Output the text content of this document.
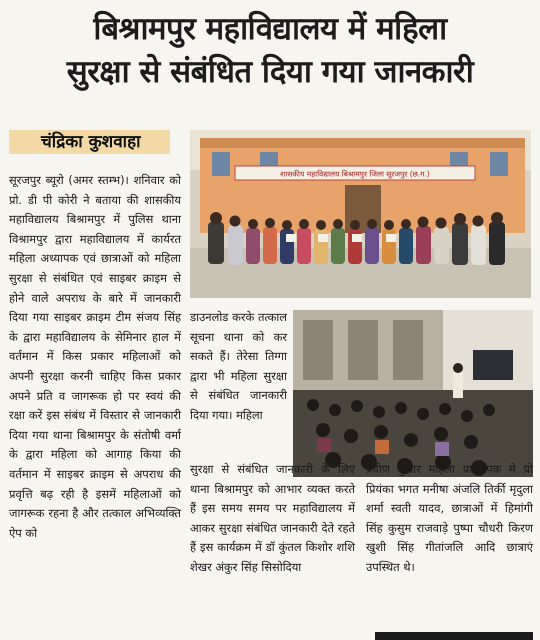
बिश्रामपुर महाविद्यालय में महिला
सुरक्षा से संबंधित दिया गया जानकारी
चंद्रिका कुशवाहा

सूरजपुर ब्यूरो (अमर स्तम्भ)। शनिवार को प्रो. डी पी कोरी ने बताया की शासकीय महाविद्यालय बिश्रामपुर में पुलिस थाना विश्रामपुर द्वारा महाविद्यालय में कार्यरत महिला अध्यापक एवं छात्राओं को महिला सुरक्षा से संबंधित एवं साइबर क्राइम से होने वाले अपराध के बारे में जानकारी दिया गया साइबर क्राइम टीम संजय सिंह के द्वारा महाविद्यालय के सेमिनार हाल में वर्तमान में किस प्रकार महिलाओं को अपनी सुरक्षा करनी चाहिए किस प्रकार अपने प्रति व जागरूक हो पर स्वयं की रक्षा करें इस संबंध में विस्तार से जानकारी दिया गया थाना बिश्रामपुर के संतोषी वर्मा के द्वारा महिला को आगाह किया की वर्तमान में साइबर क्राइम से अपराध की प्रवृत्ति बढ़ रही है इसमें महिलाओं को जागरूक रहना है और तत्काल अभिव्यक्ति ऐप को

शासकीय महाविद्यालय बिश्रामपुर जिला सूरजपुर (छ.ग.)

डाउनलोड करके तत्काल सूचना थाना को कर सकते हैं। तेरेसा तिग्गा द्वारा भी महिला सुरक्षा से संबंधित जानकारी दिया गया। महिला

सुरक्षा से संबंधित जानकारी के लिए थाना बिश्रामपुर को आभार व्यक्त करते हैं इस समय समय पर महाविद्यालय में आकर सुरक्षा संबंधित जानकारी देते रहते हैं इस कार्यक्रम में डॉ कुंतल किशोर शशि शेखर अंकुर सिंह सिसोदिया

प्रवीण कुमार महिला प्राध्यापक मे प्रो प्रियंका भगत मनीषा अंजलि तिर्की मृदुला शर्मा स्वती यादव, छात्राओं में हिमांगी सिंह कुसुम राजवाड़े पुष्पा चौधरी किरण खुशी सिंह गीतांजलि आदि छात्राएं उपस्थित थे।
